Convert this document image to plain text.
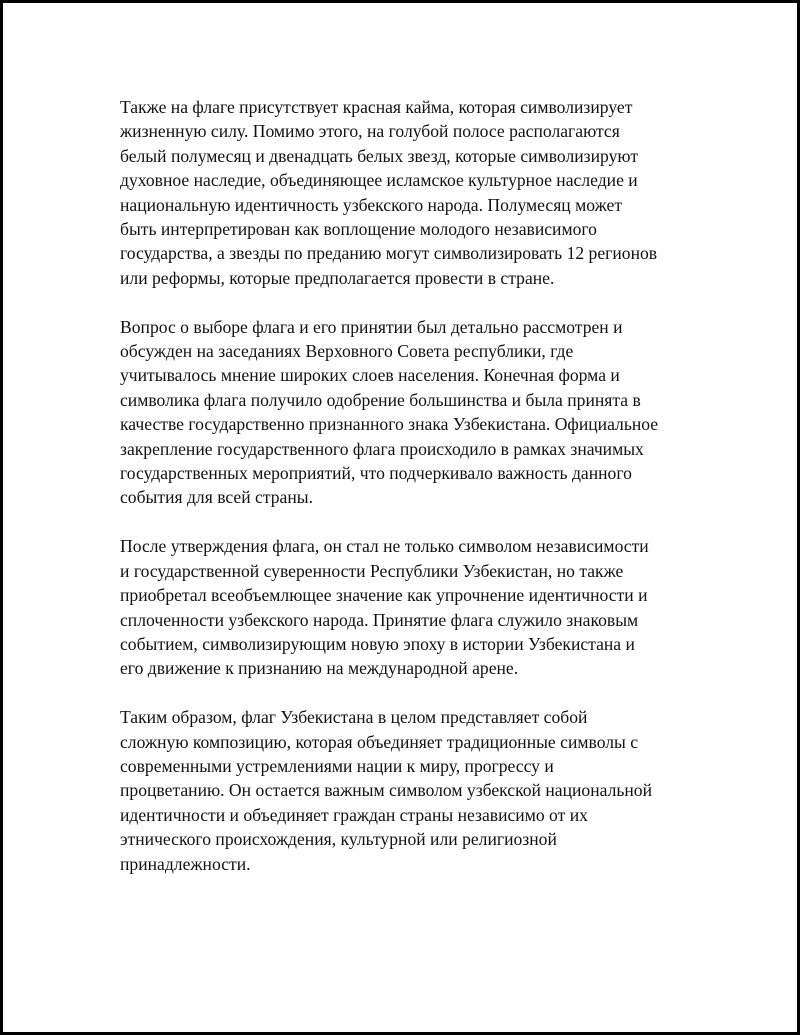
Также на флаге присутствует красная кайма, которая символизирует
жизненную силу. Помимо этого, на голубой полосе располагаются
белый полумесяц и двенадцать белых звезд, которые символизируют
духовное наследие, объединяющее исламское культурное наследие и
национальную идентичность узбекского народа. Полумесяц может
быть интерпретирован как воплощение молодого независимого
государства, а звезды по преданию могут символизировать 12 регионов
или реформы, которые предполагается провести в стране.

Вопрос о выборе флага и его принятии был детально рассмотрен и
обсужден на заседаниях Верховного Совета республики, где
учитывалось мнение широких слоев населения. Конечная форма и
символика флага получило одобрение большинства и была принята в
качестве государственно признанного знака Узбекистана. Официальное
закрепление государственного флага происходило в рамках значимых
государственных мероприятий, что подчеркивало важность данного
события для всей страны.

После утверждения флага, он стал не только символом независимости
и государственной суверенности Республики Узбекистан, но также
приобретал всеобъемлющее значение как упрочнение идентичности и
сплоченности узбекского народа. Принятие флага служило знаковым
событием, символизирующим новую эпоху в истории Узбекистана и
его движение к признанию на международной арене.

Таким образом, флаг Узбекистана в целом представляет собой
сложную композицию, которая объединяет традиционные символы с
современными устремлениями нации к миру, прогрессу и
процветанию. Он остается важным символом узбекской национальной
идентичности и объединяет граждан страны независимо от их
этнического происхождения, культурной или религиозной
принадлежности.
